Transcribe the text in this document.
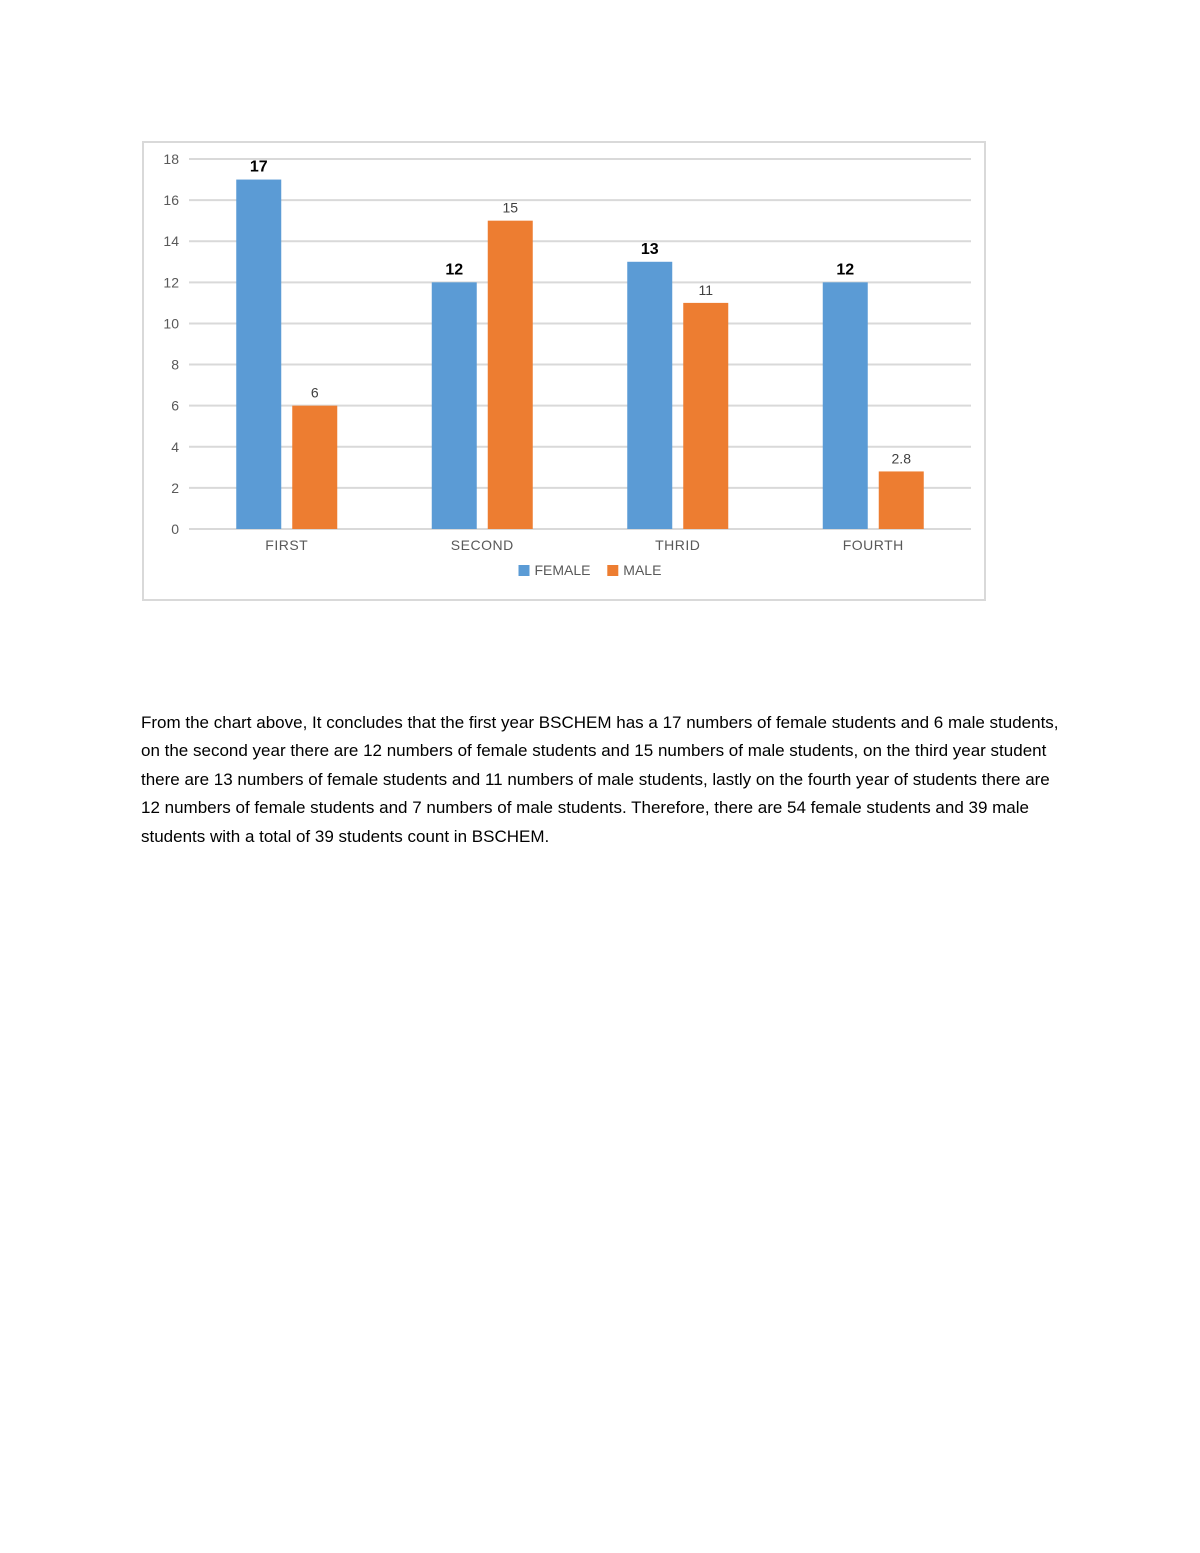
0
2
4
6
8
10
12
14
16
18	17
6
FIRST
12
15
SECOND
13
11
THRID
12
2.8
FOURTH
FEMALE MALE

From the chart above, It concludes that the first year BSCHEM has a 17 numbers of female students and 6 male students, on the second year there are 12 numbers of female students and 15 numbers of male students, on the third year student there are 13 numbers of female students and 11 numbers of male students, lastly on the fourth year of students there are 12 numbers of female students and 7 numbers of male students. Therefore, there are 54 female students and 39 male students with a total of 39 students count in BSCHEM.
